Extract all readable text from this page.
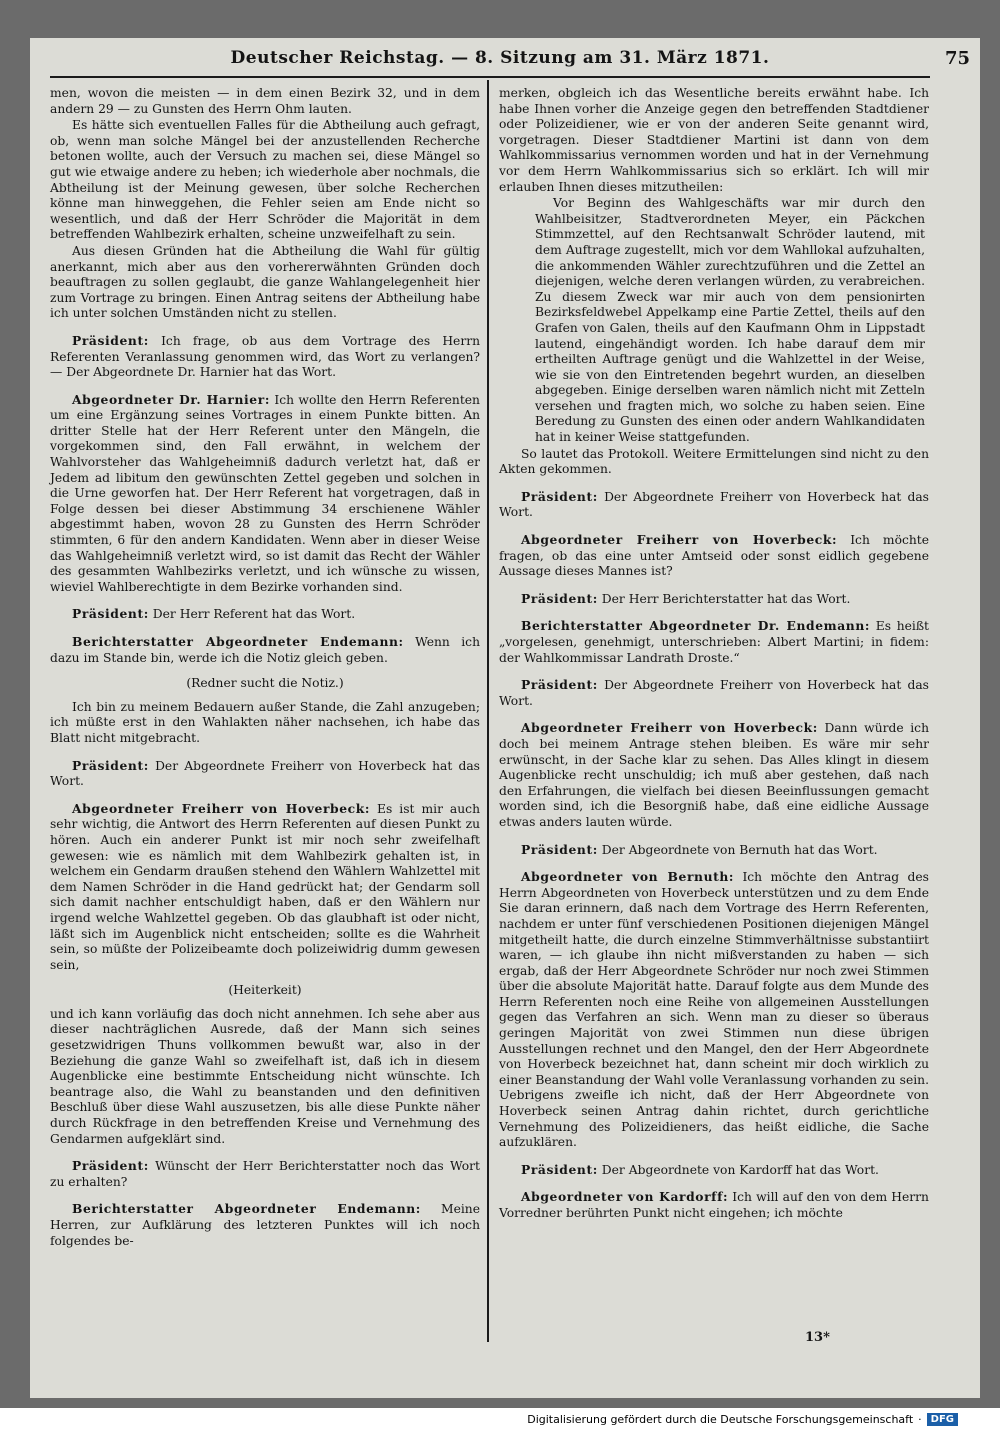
Deutscher Reichstag. — 8. Sitzung am 31. März 1871.	75

men, wovon die meisten — in dem einen Bezirk 32, und in dem andern 29 — zu Gunsten des Herrn Ohm lauten.

Es hätte sich eventuellen Falles für die Abtheilung auch gefragt, ob, wenn man solche Mängel bei der anzustellenden Recherche betonen wollte, auch der Versuch zu machen sei, diese Mängel so gut wie etwaige andere zu heben; ich wiederhole aber nochmals, die Abtheilung ist der Meinung gewesen, über solche Recherchen könne man hinweggehen, die Fehler seien am Ende nicht so wesentlich, und daß der Herr Schröder die Majorität in dem betreffenden Wahlbezirk erhalten, scheine unzweifelhaft zu sein.

Aus diesen Gründen hat die Abtheilung die Wahl für gültig anerkannt, mich aber aus den vorhererwähnten Gründen doch beauftragen zu sollen geglaubt, die ganze Wahlangelegenheit hier zum Vortrage zu bringen. Einen Antrag seitens der Abtheilung habe ich unter solchen Umständen nicht zu stellen.

Präsident: Ich frage, ob aus dem Vortrage des Herrn Referenten Veranlassung genommen wird, das Wort zu verlangen? — Der Abgeordnete Dr. Harnier hat das Wort.

Abgeordneter Dr. Harnier: Ich wollte den Herrn Referenten um eine Ergänzung seines Vortrages in einem Punkte bitten. An dritter Stelle hat der Herr Referent unter den Mängeln, die vorgekommen sind, den Fall erwähnt, in welchem der Wahlvorsteher das Wahlgeheimniß dadurch verletzt hat, daß er Jedem ad libitum den gewünschten Zettel gegeben und solchen in die Urne geworfen hat. Der Herr Referent hat vorgetragen, daß in Folge dessen bei dieser Abstimmung 34 erschienene Wähler abgestimmt haben, wovon 28 zu Gunsten des Herrn Schröder stimmten, 6 für den andern Kandidaten. Wenn aber in dieser Weise das Wahlgeheimniß verletzt wird, so ist damit das Recht der Wähler des gesammten Wahlbezirks verletzt, und ich wünsche zu wissen, wieviel Wahlberechtigte in dem Bezirke vorhanden sind.

Präsident: Der Herr Referent hat das Wort.

Berichterstatter Abgeordneter Endemann: Wenn ich dazu im Stande bin, werde ich die Notiz gleich geben.

(Redner sucht die Notiz.)

Ich bin zu meinem Bedauern außer Stande, die Zahl anzugeben; ich müßte erst in den Wahlakten näher nachsehen, ich habe das Blatt nicht mitgebracht.

Präsident: Der Abgeordnete Freiherr von Hoverbeck hat das Wort.

Abgeordneter Freiherr von Hoverbeck: Es ist mir auch sehr wichtig, die Antwort des Herrn Referenten auf diesen Punkt zu hören. Auch ein anderer Punkt ist mir noch sehr zweifelhaft gewesen: wie es nämlich mit dem Wahlbezirk gehalten ist, in welchem ein Gendarm draußen stehend den Wählern Wahlzettel mit dem Namen Schröder in die Hand gedrückt hat; der Gendarm soll sich damit nachher entschuldigt haben, daß er den Wählern nur irgend welche Wahlzettel gegeben. Ob das glaubhaft ist oder nicht, läßt sich im Augenblick nicht entscheiden; sollte es die Wahrheit sein, so müßte der Polizeibeamte doch polizeiwidrig dumm gewesen sein,

(Heiterkeit)

und ich kann vorläufig das doch nicht annehmen. Ich sehe aber aus dieser nachträglichen Ausrede, daß der Mann sich seines gesetzwidrigen Thuns vollkommen bewußt war, also in der Beziehung die ganze Wahl so zweifelhaft ist, daß ich in diesem Augenblicke eine bestimmte Entscheidung nicht wünschte. Ich beantrage also, die Wahl zu beanstanden und den definitiven Beschluß über diese Wahl auszusetzen, bis alle diese Punkte näher durch Rückfrage in den betreffenden Kreise und Vernehmung des Gendarmen aufgeklärt sind.

Präsident: Wünscht der Herr Berichterstatter noch das Wort zu erhalten?

Berichterstatter Abgeordneter Endemann: Meine Herren, zur Aufklärung des letzteren Punktes will ich noch folgendes be-

merken, obgleich ich das Wesentliche bereits erwähnt habe. Ich habe Ihnen vorher die Anzeige gegen den betreffenden Stadtdiener oder Polizeidiener, wie er von der anderen Seite genannt wird, vorgetragen. Dieser Stadtdiener Martini ist dann von dem Wahlkommissarius vernommen worden und hat in der Vernehmung vor dem Herrn Wahlkommissarius sich so erklärt. Ich will mir erlauben Ihnen dieses mitzutheilen:

Vor Beginn des Wahlgeschäfts war mir durch den Wahlbeisitzer, Stadtverordneten Meyer, ein Päckchen Stimmzettel, auf den Rechtsanwalt Schröder lautend, mit dem Auftrage zugestellt, mich vor dem Wahllokal aufzuhalten, die ankommenden Wähler zurechtzuführen und die Zettel an diejenigen, welche deren verlangen würden, zu verabreichen. Zu diesem Zweck war mir auch von dem pensionirten Bezirksfeldwebel Appelkamp eine Partie Zettel, theils auf den Grafen von Galen, theils auf den Kaufmann Ohm in Lippstadt lautend, eingehändigt worden. Ich habe darauf dem mir ertheilten Auftrage genügt und die Wahlzettel in der Weise, wie sie von den Eintretenden begehrt wurden, an dieselben abgegeben. Einige derselben waren nämlich nicht mit Zetteln versehen und fragten mich, wo solche zu haben seien. Eine Beredung zu Gunsten des einen oder andern Wahlkandidaten hat in keiner Weise stattgefunden.

So lautet das Protokoll. Weitere Ermittelungen sind nicht zu den Akten gekommen.

Präsident: Der Abgeordnete Freiherr von Hoverbeck hat das Wort.

Abgeordneter Freiherr von Hoverbeck: Ich möchte fragen, ob das eine unter Amtseid oder sonst eidlich gegebene Aussage dieses Mannes ist?

Präsident: Der Herr Berichterstatter hat das Wort.

Berichterstatter Abgeordneter Dr. Endemann: Es heißt „vorgelesen, genehmigt, unterschrieben: Albert Martini; in fidem: der Wahlkommissar Landrath Droste.“

Präsident: Der Abgeordnete Freiherr von Hoverbeck hat das Wort.

Abgeordneter Freiherr von Hoverbeck: Dann würde ich doch bei meinem Antrage stehen bleiben. Es wäre mir sehr erwünscht, in der Sache klar zu sehen. Das Alles klingt in diesem Augenblicke recht unschuldig; ich muß aber gestehen, daß nach den Erfahrungen, die vielfach bei diesen Beeinflussungen gemacht worden sind, ich die Besorgniß habe, daß eine eidliche Aussage etwas anders lauten würde.

Präsident: Der Abgeordnete von Bernuth hat das Wort.

Abgeordneter von Bernuth: Ich möchte den Antrag des Herrn Abgeordneten von Hoverbeck unterstützen und zu dem Ende Sie daran erinnern, daß nach dem Vortrage des Herrn Referenten, nachdem er unter fünf verschiedenen Positionen diejenigen Mängel mitgetheilt hatte, die durch einzelne Stimmverhältnisse substantiirt waren, — ich glaube ihn nicht mißverstanden zu haben — sich ergab, daß der Herr Abgeordnete Schröder nur noch zwei Stimmen über die absolute Majorität hatte. Darauf folgte aus dem Munde des Herrn Referenten noch eine Reihe von allgemeinen Ausstellungen gegen das Verfahren an sich. Wenn man zu dieser so überaus geringen Majorität von zwei Stimmen nun diese übrigen Ausstellungen rechnet und den Mangel, den der Herr Abgeordnete von Hoverbeck bezeichnet hat, dann scheint mir doch wirklich zu einer Beanstandung der Wahl volle Veranlassung vorhanden zu sein. Uebrigens zweifle ich nicht, daß der Herr Abgeordnete von Hoverbeck seinen Antrag dahin richtet, durch gerichtliche Vernehmung des Polizeidieners, das heißt eidliche, die Sache aufzuklären.

Präsident: Der Abgeordnete von Kardorff hat das Wort.

Abgeordneter von Kardorff: Ich will auf den von dem Herrn Vorredner berührten Punkt nicht eingehen; ich möchte

13*
Digitalisierung gefördert durch die Deutsche Forschungsgemeinschaft · DFG
